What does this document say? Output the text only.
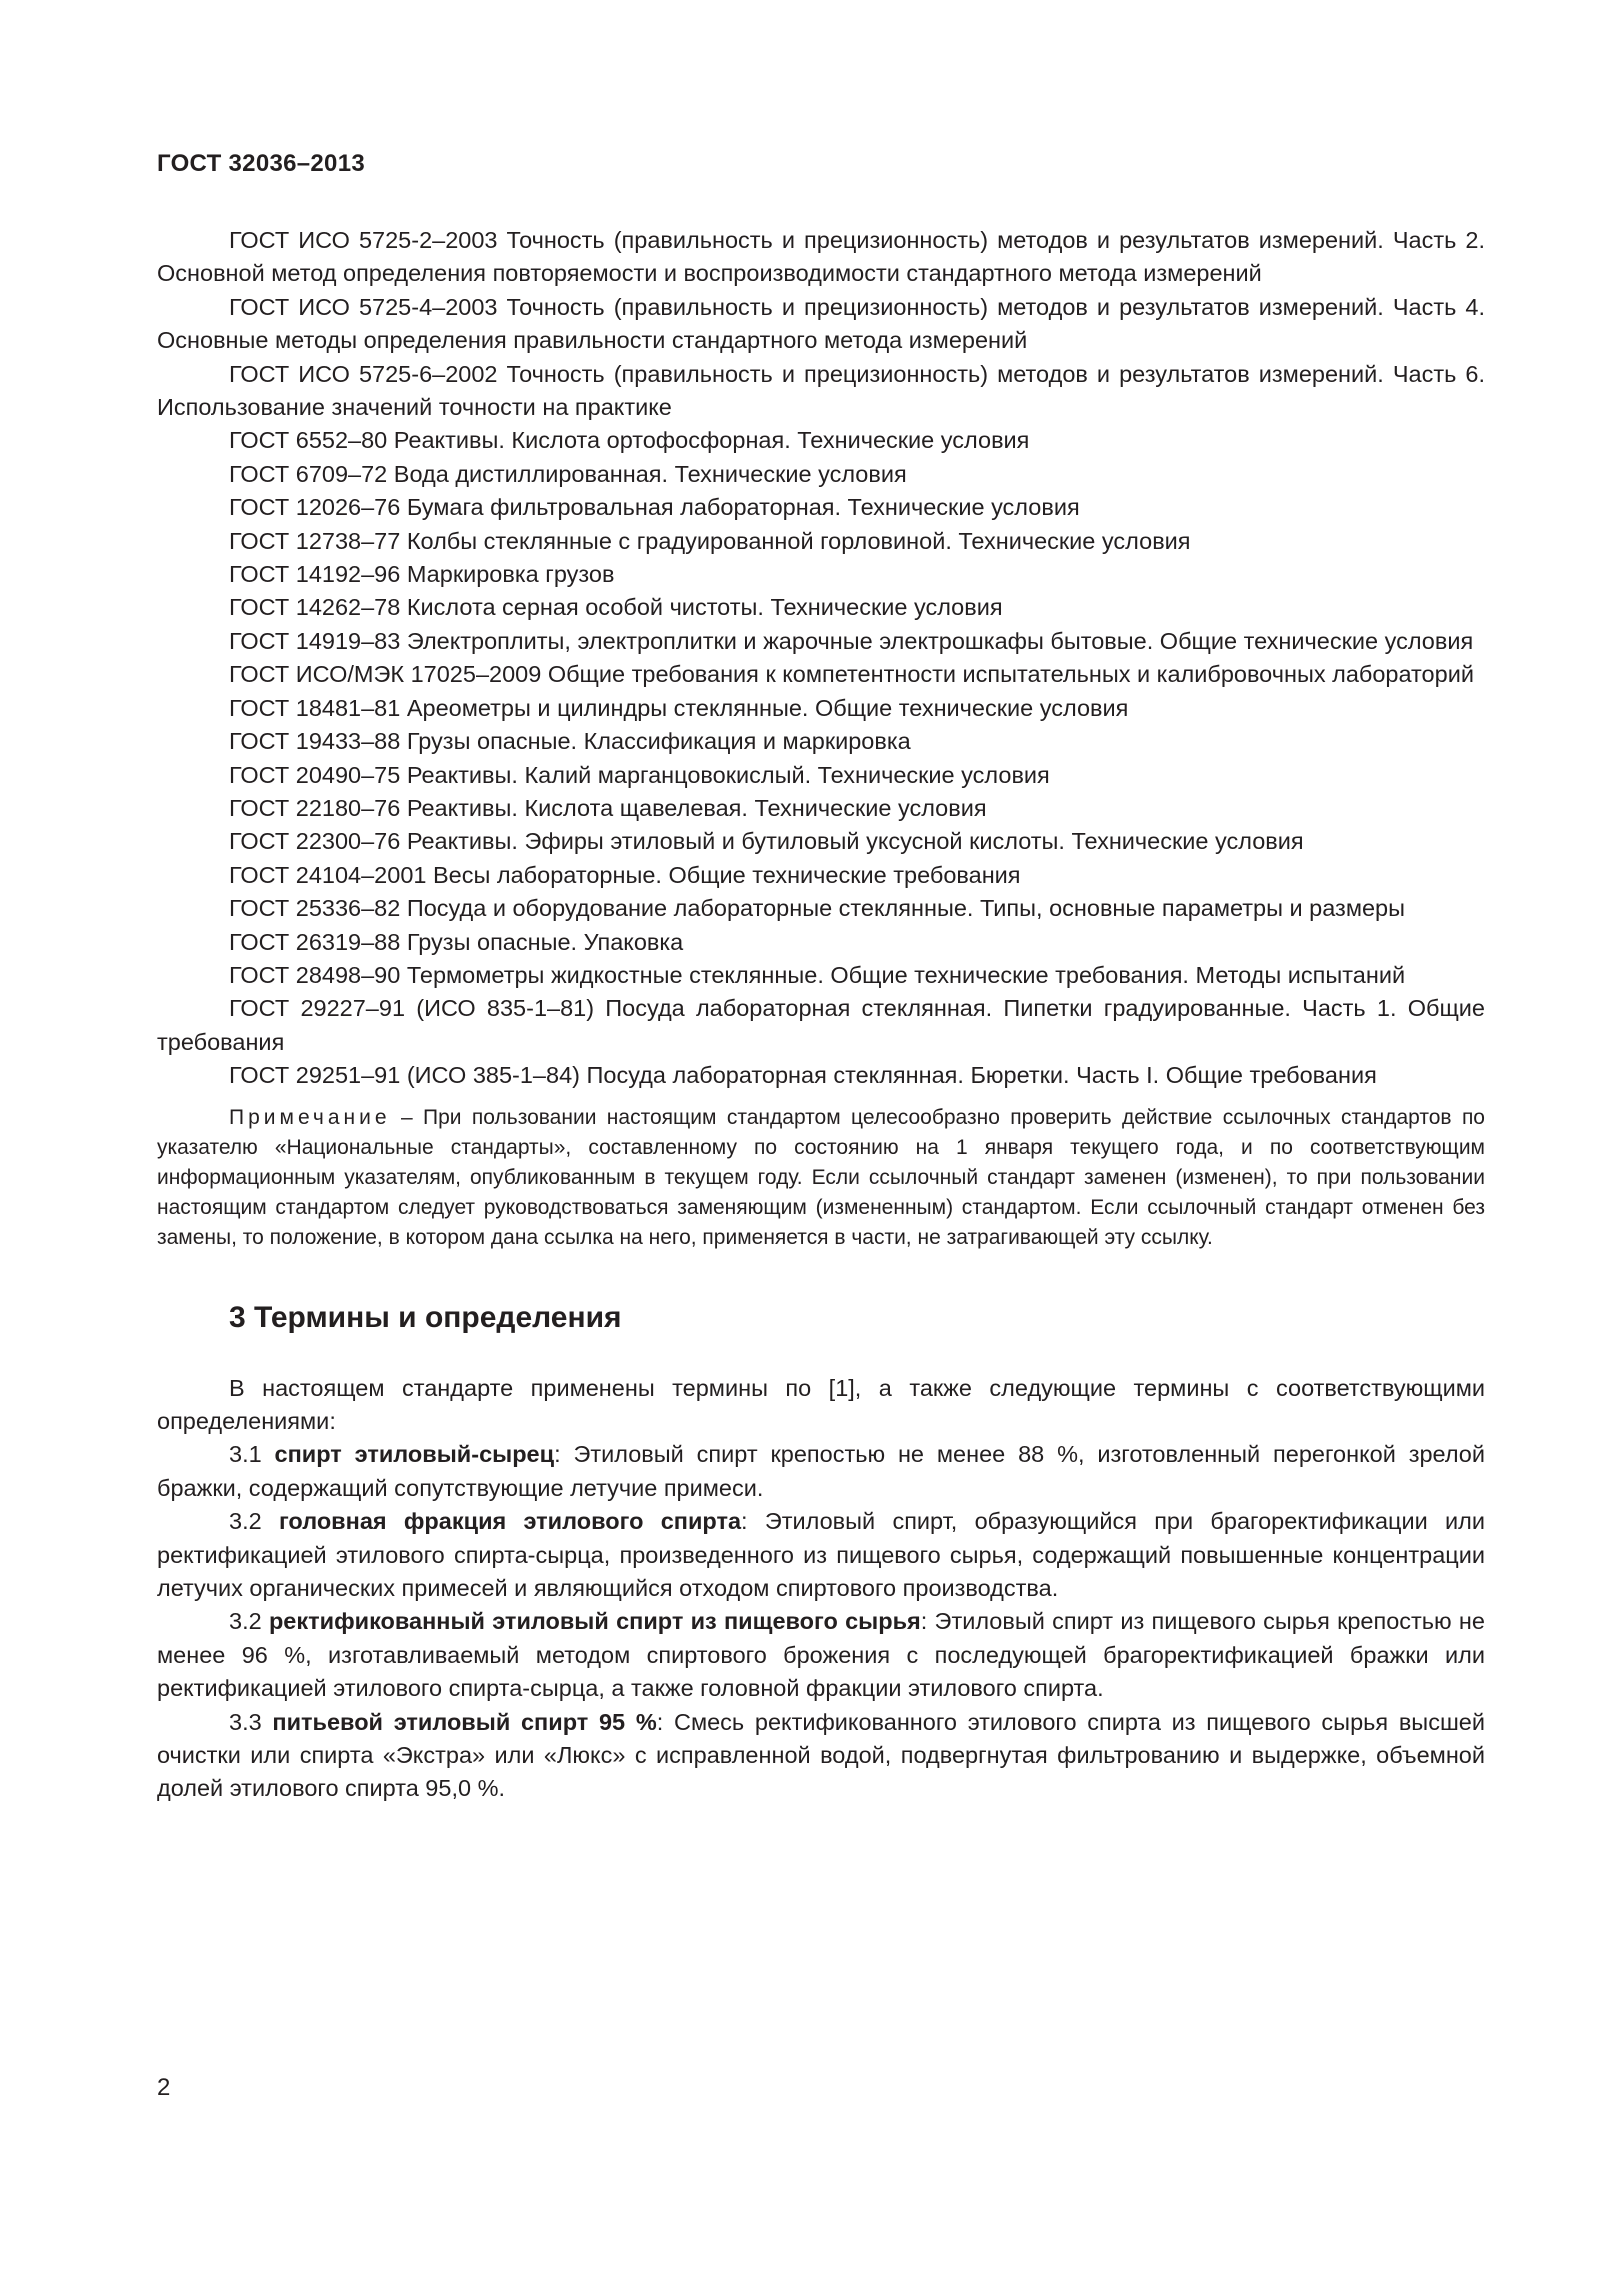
ГОСТ 32036–2013

ГОСТ ИСО 5725-2–2003 Точность (правильность и прецизионность) методов и результатов измерений. Часть 2. Основной метод определения повторяемости и воспроизводимости стандартного метода измерений

ГОСТ ИСО 5725-4–2003 Точность (правильность и прецизионность) методов и результатов измерений. Часть 4. Основные методы определения правильности стандартного метода измерений

ГОСТ ИСО 5725-6–2002 Точность (правильность и прецизионность) методов и результатов измерений. Часть 6. Использование значений точности на практике

ГОСТ 6552–80 Реактивы. Кислота ортофосфорная. Технические условия

ГОСТ 6709–72 Вода дистиллированная. Технические условия

ГОСТ 12026–76 Бумага фильтровальная лабораторная. Технические условия

ГОСТ 12738–77 Колбы стеклянные с градуированной горловиной. Технические условия

ГОСТ 14192–96 Маркировка грузов

ГОСТ 14262–78 Кислота серная особой чистоты. Технические условия

ГОСТ 14919–83 Электроплиты, электроплитки и жарочные электрошкафы бытовые. Общие технические условия

ГОСТ ИСО/МЭК 17025–2009 Общие требования к компетентности испытательных и калибровочных лабораторий

ГОСТ 18481–81 Ареометры и цилиндры стеклянные. Общие технические условия

ГОСТ 19433–88 Грузы опасные. Классификация и маркировка

ГОСТ 20490–75 Реактивы. Калий марганцовокислый. Технические условия

ГОСТ 22180–76 Реактивы. Кислота щавелевая. Технические условия

ГОСТ 22300–76 Реактивы. Эфиры этиловый и бутиловый уксусной кислоты. Технические условия

ГОСТ 24104–2001 Весы лабораторные. Общие технические требования

ГОСТ 25336–82 Посуда и оборудование лабораторные стеклянные. Типы, основные параметры и размеры

ГОСТ 26319–88 Грузы опасные. Упаковка

ГОСТ 28498–90 Термометры жидкостные стеклянные. Общие технические требования. Методы испытаний

ГОСТ 29227–91 (ИСО 835-1–81) Посуда лабораторная стеклянная. Пипетки градуированные. Часть 1. Общие требования

ГОСТ 29251–91 (ИСО 385-1–84) Посуда лабораторная стеклянная. Бюретки. Часть I. Общие требования

Примечание – При пользовании настоящим стандартом целесообразно проверить действие ссылочных стандартов по указателю «Национальные стандарты», составленному по состоянию на 1 января текущего года, и по соответствующим информационным указателям, опубликованным в текущем году. Если ссылочный стандарт заменен (изменен), то при пользовании настоящим стандартом следует руководствоваться заменяющим (измененным) стандартом. Если ссылочный стандарт отменен без замены, то положение, в котором дана ссылка на него, применяется в части, не затрагивающей эту ссылку.
3 Термины и определения

В настоящем стандарте применены термины по [1], а также следующие термины с соответствующими определениями:

3.1 спирт этиловый-сырец: Этиловый спирт крепостью не менее 88 %, изготовленный перегонкой зрелой бражки, содержащий сопутствующие летучие примеси.

3.2 головная фракция этилового спирта: Этиловый спирт, образующийся при брагоректификации или ректификацией этилового спирта-сырца, произведенного из пищевого сырья, содержащий повышенные концентрации летучих органических примесей и являющийся отходом спиртового производства.

3.2 ректификованный этиловый спирт из пищевого сырья: Этиловый спирт из пищевого сырья крепостью не менее 96 %, изготавливаемый методом спиртового брожения с последующей брагоректификацией бражки или ректификацией этилового спирта-сырца, а также головной фракции этилового спирта.

3.3 питьевой этиловый спирт 95 %: Смесь ректификованного этилового спирта из пищевого сырья высшей очистки или спирта «Экстра» или «Люкс» с исправленной водой, подвергнутая фильтрованию и выдержке, объемной долей этилового спирта 95,0 %.

2
